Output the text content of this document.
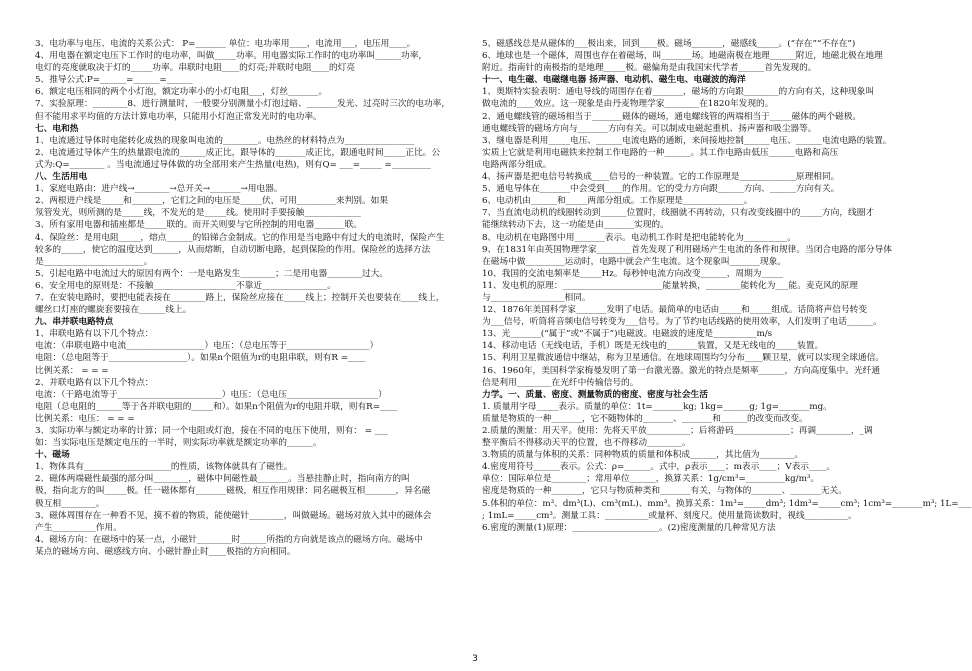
3、电功率与电压、电流的关系公式： P=_______ 单位：电功率用____，电流用___，电压用____。
4、用电器在额定电压下工作时的电功率，叫做_____功率。用电器实际工作时的电功率叫______功率，
电灯的亮度就取决于灯的_____功率。串联时电阻____的灯亮;并联时电阻____的灯亮
5、推导公式:P=______=______=______
6、额定电压相同的两个小灯泡，额定功率小的小灯电阻___，灯丝_______。
7、实验原理：________8、进行测量时，一般要分别测量小灯泡过暗、_______发光、过亮时三次的电功率，
但不能用求平均值的方法计算电功率，只能用小灯泡正常发光时的电功率。
七、电和热
1、电流通过导体时电能转化成热的现象叫电流的________。电热丝的材料特点为________________
2、电流通过导体产生的热量跟电流的______成正比，跟导体的_______成正比，跟通电时间_____正比。公
式为:Q=________ 。当电流通过导体做的功全部用来产生热量(电热)，则有Q= ___=_____ =_________
八、生活用电
1、家庭电路由：进户线→________→总开关→_______→用电器。
2、两根进户线是_____和_______，它们之间的电压是_____伏，可用_________来判别。如果
氖管发光，则所测的是_____线，不发光的是_____线。使用时手要接触_____________
3、所有家用电器和插座都是_____联的。而开关则要与它所控制的用电器_______联。
4、保险丝：是用电阻_____，熔点______的铅锑合金制成。它的作用是当电路中有过大的电流时，保险产生
较多的_____，使它的温度达到______，从而熔断，自动切断电路，起到保险的作用。保险丝的选择方法
是_______________________。
5、引起电路中电流过大的原因有两个：一是电路发生________；二是用电器________过大。
6、安全用电的原则是：不接触___________________不靠近_______________。
7、在安装电路时，要把电能表接在________路上，保险丝应接在_____线上；控制开关也要装在____线上，
螺丝口灯座的螺旋套要接在______线上。
九、串并联电路特点
1、串联电路有以下几个特点：
电流：（串联电路中电流__________________）电压：（总电压等于___________________）
电阻：（总电阻等于__________________）。如果n个阻值为r的电阻串联，则有R =____
比例关系： = = =
2、并联电路有以下几个特点：
电流：（干路电流等于________________________）电压：（总电压_____________________）
电阻（总电阻的______等于各并联电阻的_____和）。如果n个阻值为r的电阻并联，则有R=____
比例关系：电压： = = =
3、实际功率与额定功率的计算；同一个电阻或灯泡，接在不同的电压下使用，则有： = ___
如：当实际电压是额定电压的一半时，则实际功率就是额定功率的______。
十、磁场
1、物体具有____________________的性质，该物体就具有了磁性。
2、磁体两端磁性最强的部分叫________，磁体中间磁性最_______。当悬挂静止时，指向南方的叫
极，指向北方的叫_____极。任一磁体都有_______磁极，相互作用规律：同名磁极互相_______，异名磁
极互相________。
3、磁体周围存在一种看不见，摸不着的物质，能使磁针________，叫做磁场。磁场对放入其中的磁体会
产生__________作用。
4、磁场方向：在磁场中的某一点，小磁针________时______所指的方向就是该点的磁场方向。磁场中
某点的磁场方向、磁感线方向、小磁针静止时____极指的方向相同。
5、磁感线总是从磁体的___极出来，回到____极。磁场_______，磁感线_____。(“存在”“不存在”)
6、地球也是一个磁体，周围也存在着磁场，叫_______场。地磁南极在地理______附近，地磁北极在地理
附近。指南针的南极指的是地理_____极。磁偏角是由我国宋代学者______首先发现的。
十一、电生磁、电磁继电器 扬声器、电动机、磁生电、电磁波的海洋
1、奥斯特实验表明：通电导线的周围存在着_______，磁场的方向跟________的方向有关，这种现象叫
做电流的____效应。这一现象是由丹麦物理学家________在1820年发现的。
2、通电螺线管的磁场相当于_______磁体的磁场，通电螺线管的两端相当于_____磁体的两个磁极。
通电螺线管的磁场方向与_______方向有关。可以制成电磁起重机、扬声器和吸尘器等。
3、继电器是利用_____电压、______电流电路的通断，来间接地控制______电压、______电流电路的装置。
实质上它就是利用电磁铁来控制工作电路的一种______。其工作电路由低压______电路和高压
电路两部分组成。
4、扬声器是把电信号转换成____信号的一种装置。它的工作原理是_____________原理相同。
5、通电导体在_______中会受到____的作用。它的受力方向跟______方向、______方向有关。
6、电动机由______和_____两部分组成。工作原理是______________。
7、当直流电动机的线圈转动到______位置时，线圈就不再转动，只有改变线圈中的_____方向，线圈才
能继续转动下去，这一功能是由_______实现的。
8、电动机在电路图中用_______表示。电动机工作时是把电能转化为__________。
9、在1831年由英国物理学家________首先发现了利用磁场产生电流的条件和规律。当闭合电路的部分导体
在磁场中做_________运动时，电路中就会产生电流。这个现象叫_______现象。
10、我国的交流电频率是_____Hz。每秒钟电流方向改变______，周期为_____
11、发电机的原理：_______________________能量转换，________能转化为___能。麦克风的原理
与_________________相同。
12、1876年美国科学家_______发明了电话。最简单的电话由_____和_____组成。话筒将声信号转变
为___信号，听筒将音频电信号转变为___信号。为了节约电话线路的使用效率，人们发明了电话______。
13、光_______(“属于”或“不属于”)电磁波。电磁波的速度是__________m/s
14、移动电话（无线电话，手机）既是无线电的_______装置，又是无线电的_____装置。
15、利用卫星微波通信中继站，称为卫星通信。在地球周围均匀分布____颗卫星，就可以实现全球通信。
16、1960年，美国科学家梅曼发明了第一台激光器。激光的特点是频率______，方向高度集中。光纤通
信是利用________在光纤中传输信号的。
力学。一、质量、密度、测量物质的密度、密度与社会生活
1. 质量用字母_____表示。质量的单位：1t=_______kg; 1kg=______g; 1g=_______mg。
质量是物质的一种_______，它不随物体的_______、_______和______的改变而改变。
2.质量的测量：用天平。使用：先将天平放__________；后将游码_____________；再调________，_调
整平衡后不得移动天平的位置，也不得移动________。
3.物质的质量与体积的关系：同种物质的质量和体积成______，其比值为________。
4.密度用符号______表示。公式：ρ=______。式中，ρ表示____；m表示____；V表示____。
单位：国际单位是________；常用单位______，换算关系：1g/cm³=_________kg/m³。
密度是物质的一种_______，它只与物质种类和_______有关，与物体的_______、_______无关。
5.体积的单位：m³、dm³(L)、cm³(mL)、mm³。换算关系：1m³=_____dm³; 1dm³=_____cm³; 1cm³=_______m³; 1L=___
; 1mL=_____cm³。测量工具：__________或量杯、刻度尺。使用量筒读数时，视线__________。
6.密度的测量(1)原理：____________________。(2)密度测量的几种常见方法
3
